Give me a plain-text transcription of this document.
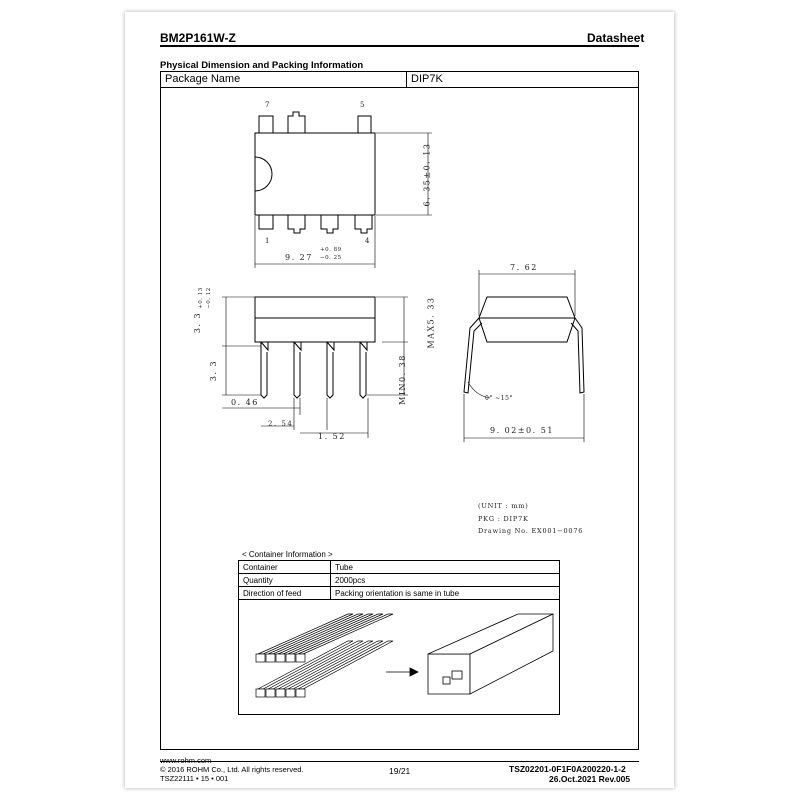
BM2P161W-Z	Datasheet
Physical Dimension and Packing Information
Package Name	DIP7K
7	5
1	4
9. 27
+0. 89
−0. 25
6. 35±0. 13
3. 3
+0. 13 −0. 12
3. 3
MAX5. 33
MIN0. 38
0. 46
2. 54
1. 52
7. 62
0° ~15°
9. 02±0. 51
(UNIT : mm)
PKG : DIP7K
Drawing No. EX001−0076
< Container Information >
Container	Tube
Quantity	2000pcs
Direction of feed	Packing orientation is same in tube
www.rohm.com
© 2016 ROHM Co., Ltd. All rights reserved.
TSZ22111 • 15 • 001
19/21	TSZ02201-0F1F0A200220-1-2
26.Oct.2021 Rev.005
